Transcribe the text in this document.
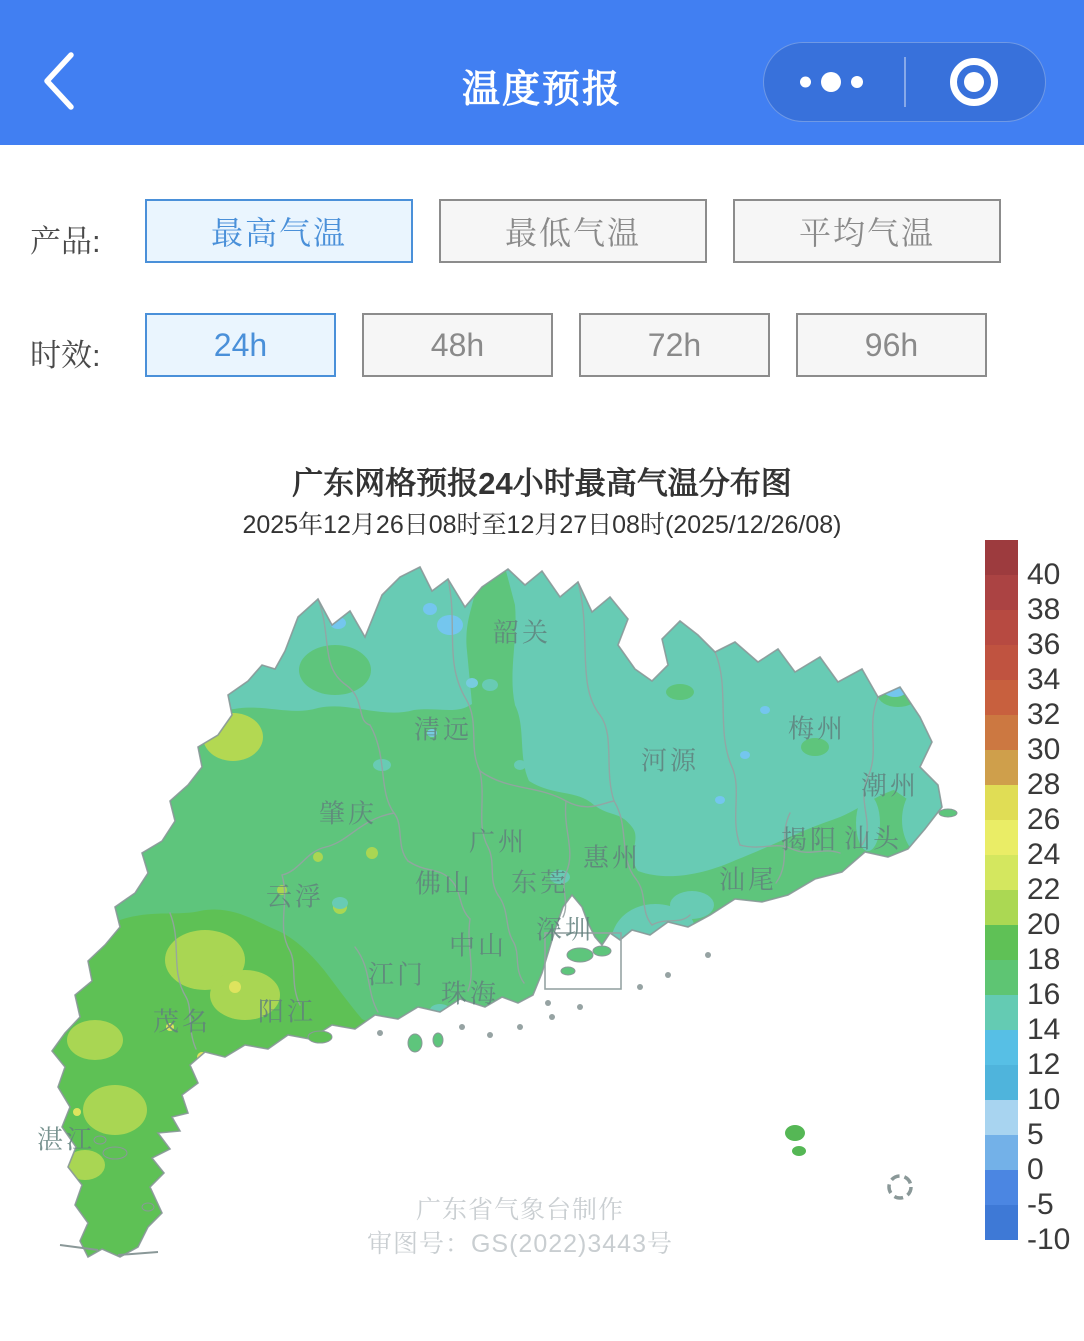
温度预报
产品:	最高气温	最低气温	平均气温
时效:	24h	48h	72h	96h
广东网格预报24小时最高气温分布图
2025年12月26日08时至12月27日08时(2025/12/26/08)
韶关
清远
河源
梅州
潮州
揭阳 汕头
汕尾
惠州
广州
东莞
深圳
佛山
中山
珠海
江门
肇庆
云浮
阳江
茂名
湛江
广东省气象台制作
审图号：GS(2022)3443号
40
38
36
34
32
30
28
26
24
22
20
18
16
14
12
10
5
0
-5
-10
